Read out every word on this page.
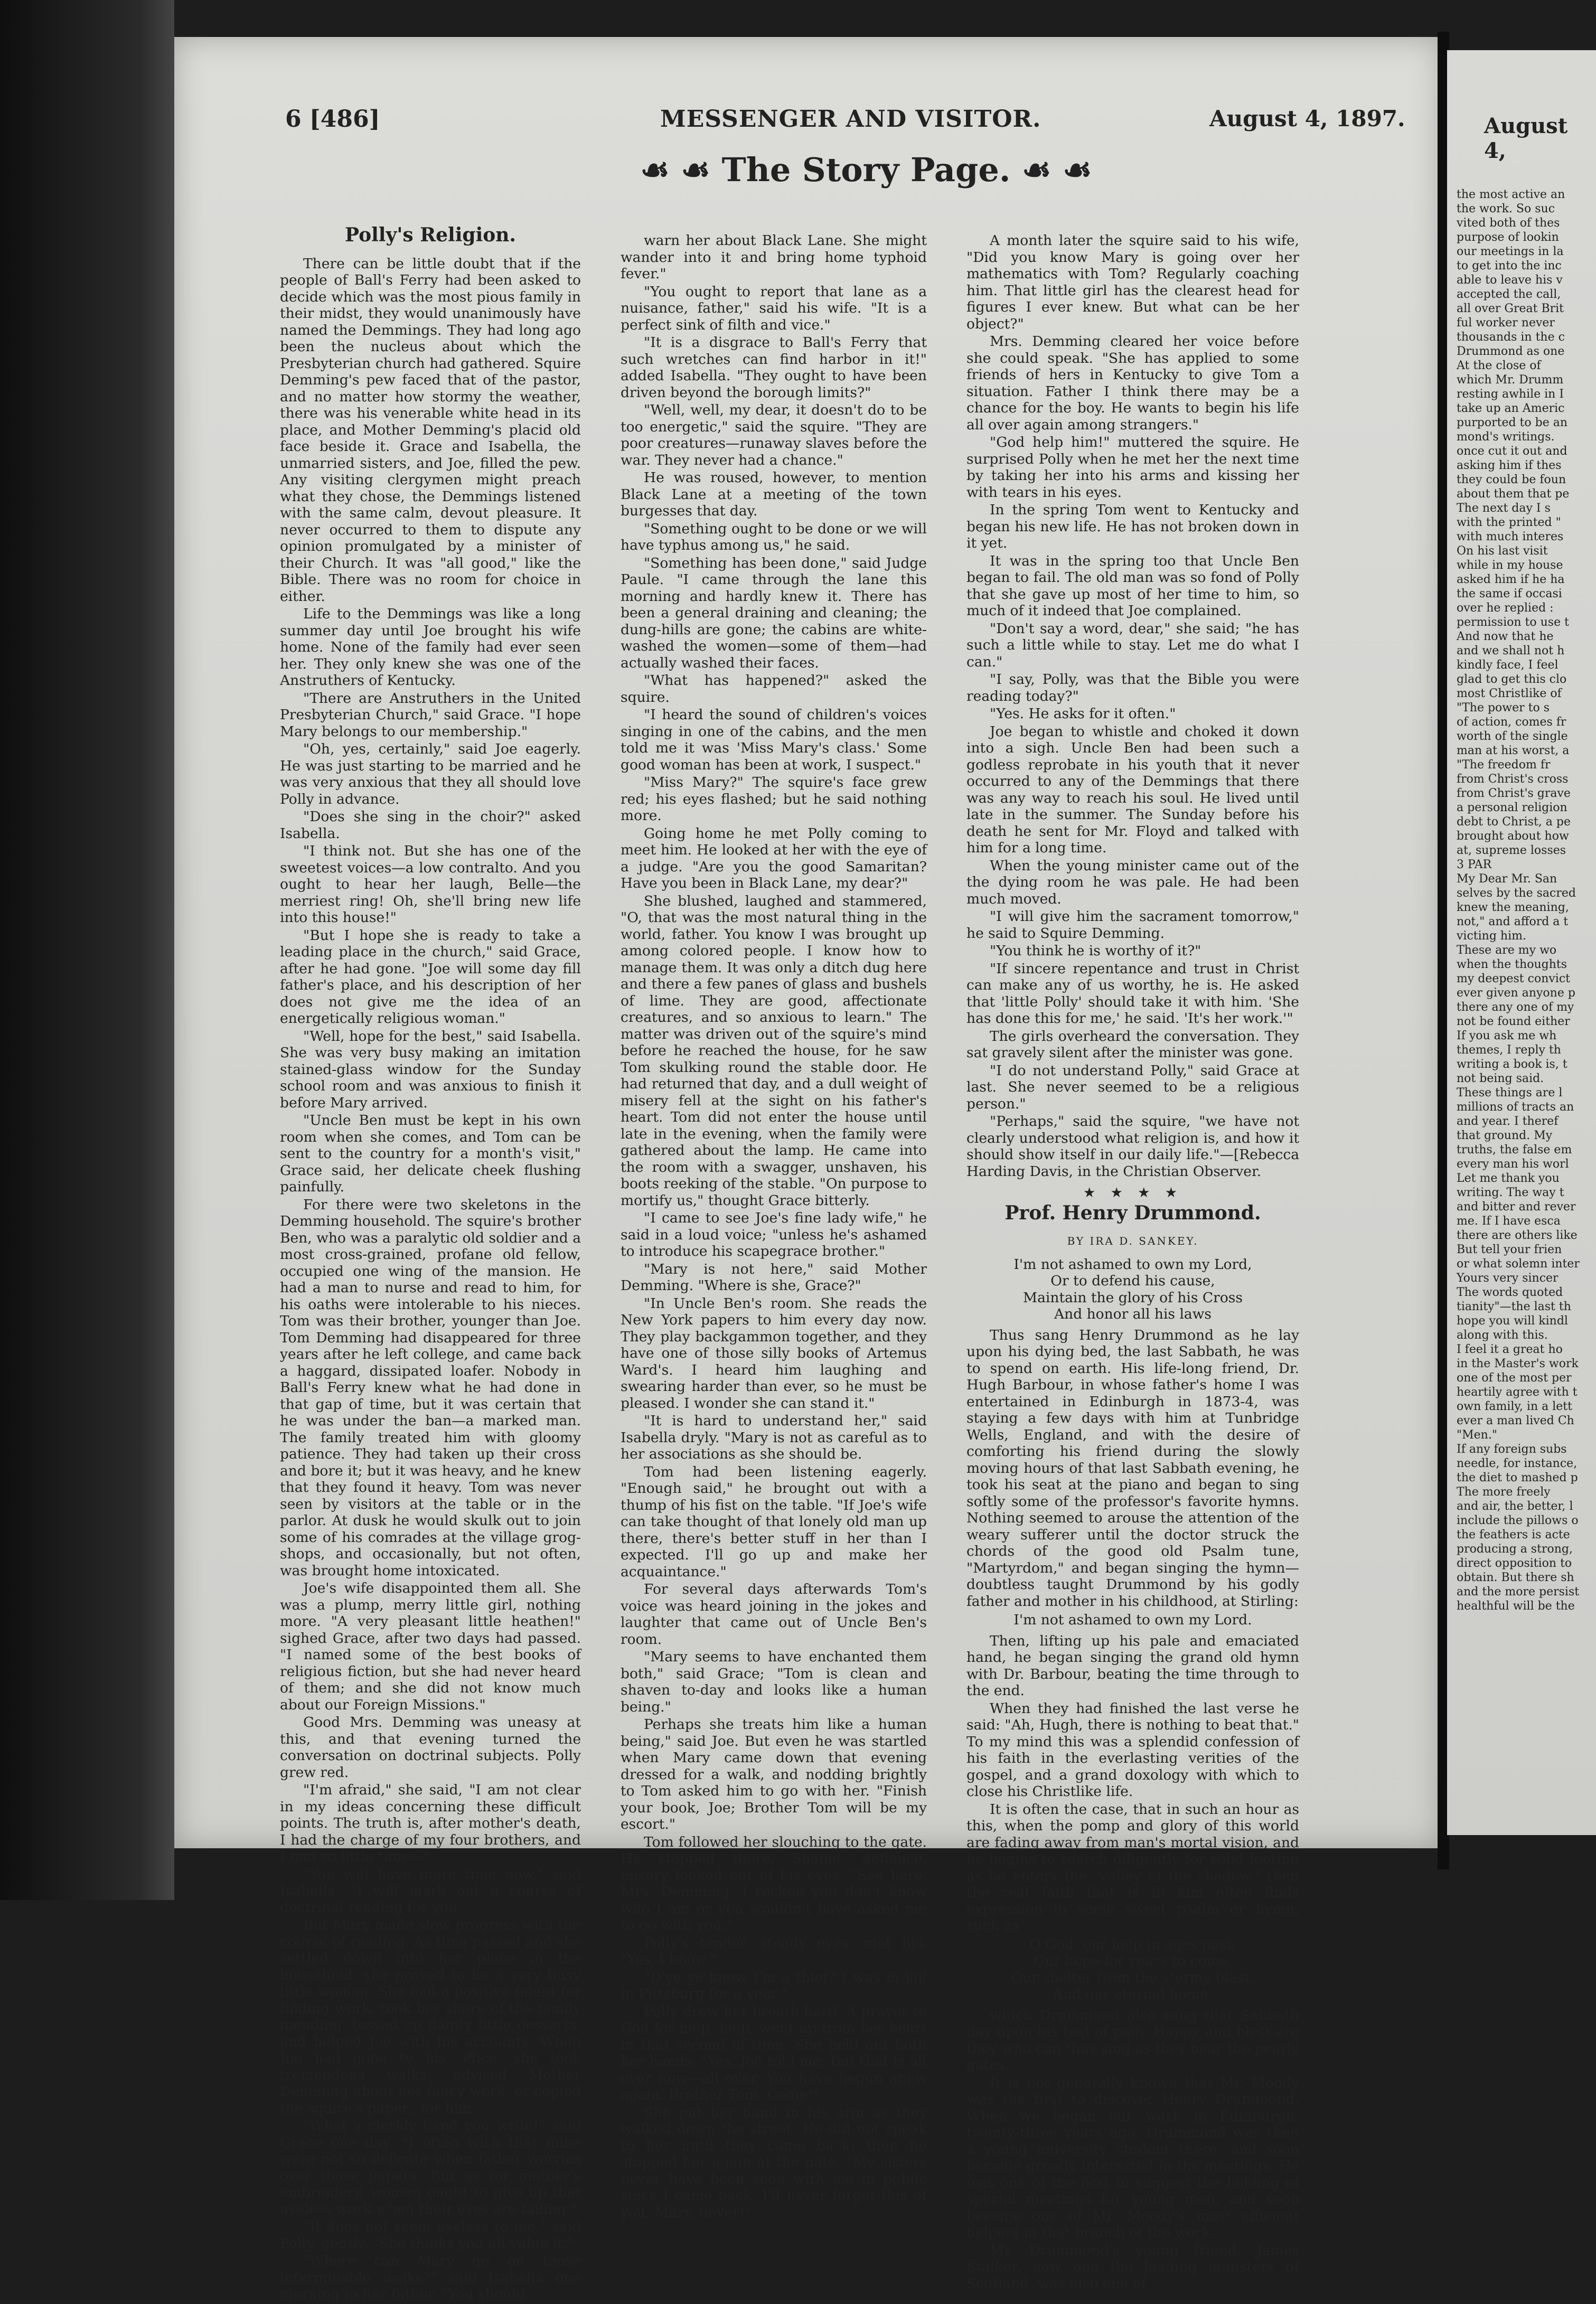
6 [486]	MESSENGER AND VISITOR.	August 4, 1897.
☙ ☙ The Story Page. ☙ ☙
Polly's Religion.

There can be little doubt that if the people of Ball's Ferry had been asked to decide which was the most pious family in their midst, they would unanimously have named the Demmings. They had long ago been the nucleus about which the Presbyterian church had gathered. Squire Demming's pew faced that of the pastor, and no matter how stormy the weather, there was his venerable white head in its place, and Mother Demming's placid old face beside it. Grace and Isabella, the unmarried sisters, and Joe, filled the pew. Any visiting clergymen might preach what they chose, the Demmings listened with the same calm, devout pleasure. It never occurred to them to dispute any opinion promulgated by a minister of their Church. It was "all good," like the Bible. There was no room for choice in either.

Life to the Demmings was like a long summer day until Joe brought his wife home. None of the family had ever seen her. They only knew she was one of the Anstruthers of Kentucky.

"There are Anstruthers in the United Presbyterian Church," said Grace. "I hope Mary belongs to our membership."

"Oh, yes, certainly," said Joe eagerly. He was just starting to be married and he was very anxious that they all should love Polly in advance.

"Does she sing in the choir?" asked Isabella.

"I think not. But she has one of the sweetest voices—a low contralto. And you ought to hear her laugh, Belle—the merriest ring! Oh, she'll bring new life into this house!"

"But I hope she is ready to take a leading place in the church," said Grace, after he had gone. "Joe will some day fill father's place, and his description of her does not give me the idea of an energetically religious woman."

"Well, hope for the best," said Isabella. She was very busy making an imitation stained-glass window for the Sunday school room and was anxious to finish it before Mary arrived.

"Uncle Ben must be kept in his own room when she comes, and Tom can be sent to the country for a month's visit," Grace said, her delicate cheek flushing painfully.

For there were two skeletons in the Demming household. The squire's brother Ben, who was a paralytic old soldier and a most cross-grained, profane old fellow, occupied one wing of the mansion. He had a man to nurse and read to him, for his oaths were intolerable to his nieces. Tom was their brother, younger than Joe. Tom Demming had disappeared for three years after he left college, and came back a haggard, dissipated loafer. Nobody in Ball's Ferry knew what he had done in that gap of time, but it was certain that he was under the ban—a marked man. The family treated him with gloomy patience. They had taken up their cross and bore it; but it was heavy, and he knew that they found it heavy. Tom was never seen by visitors at the table or in the parlor. At dusk he would skulk out to join some of his comrades at the village grog-shops, and occasionally, but not often, was brought home intoxicated.

Joe's wife disappointed them all. She was a plump, merry little girl, nothing more. "A very pleasant little heathen!" sighed Grace, after two days had passed. "I named some of the best books of religious fiction, but she had never heard of them; and she did not know much about our Foreign Missions."

Good Mrs. Demming was uneasy at this, and that evening turned the conversation on doctrinal subjects. Polly grew red.

"I'm afraid," she said, "I am not clear in my ideas concerning these difficult points. The truth is, after mother's death, I had the charge of my four brothers, and I had so little time—"

"You will have more time now," said Isabella. "I will mark out a course of doctrinal reading for you."

But Mary made slow progress with the course of reading. As time passed and she settled down into her place in the household, she proved to be a very busy little woman. She had a positive talent for finding work, took her share of the family mending, tossed up dainty little desserts, and helped Joe with his accounts. When Joe had gone to his office, she took tremendous walks, advised Mother Demming about her fancy work, or copied the squire's papers for him.

"What a clerkly hand you write!" said Grace one day. "I often wish that mine were not so delicate when father worries over those papers. But as for mother's embroidery, women ought to give up that useless work when their eyes are failing."

"It does not seem useless to me," said Polly, gently. "She thinks you all value it."

"Where can Mary go on those interminable walks?" said Isabella one morning to her father. "You should

warn her about Black Lane. She might wander into it and bring home typhoid fever."

"You ought to report that lane as a nuisance, father," said his wife. "It is a perfect sink of filth and vice."

"It is a disgrace to Ball's Ferry that such wretches can find harbor in it!" added Isabella. "They ought to have been driven beyond the borough limits?"

"Well, well, my dear, it doesn't do to be too energetic," said the squire. "They are poor creatures—runaway slaves before the war. They never had a chance."

He was roused, however, to mention Black Lane at a meeting of the town burgesses that day.

"Something ought to be done or we will have typhus among us," he said.

"Something has been done," said Judge Paule. "I came through the lane this morning and hardly knew it. There has been a general draining and cleaning; the dung-hills are gone; the cabins are white-washed the women—some of them—had actually washed their faces.

"What has happened?" asked the squire.

"I heard the sound of children's voices singing in one of the cabins, and the men told me it was 'Miss Mary's class.' Some good woman has been at work, I suspect."

"Miss Mary?" The squire's face grew red; his eyes flashed; but he said nothing more.

Going home he met Polly coming to meet him. He looked at her with the eye of a judge. "Are you the good Samaritan? Have you been in Black Lane, my dear?"

She blushed, laughed and stammered, "O, that was the most natural thing in the world, father. You know I was brought up among colored people. I know how to manage them. It was only a ditch dug here and there a few panes of glass and bushels of lime. They are good, affectionate creatures, and so anxious to learn." The matter was driven out of the squire's mind before he reached the house, for he saw Tom skulking round the stable door. He had returned that day, and a dull weight of misery fell at the sight on his father's heart. Tom did not enter the house until late in the evening, when the family were gathered about the lamp. He came into the room with a swagger, unshaven, his boots reeking of the stable. "On purpose to mortify us," thought Grace bitterly.

"I came to see Joe's fine lady wife," he said in a loud voice; "unless he's ashamed to introduce his scapegrace brother."

"Mary is not here," said Mother Demming. "Where is she, Grace?"

"In Uncle Ben's room. She reads the New York papers to him every day now. They play backgammon together, and they have one of those silly books of Artemus Ward's. I heard him laughing and swearing harder than ever, so he must be pleased. I wonder she can stand it."

"It is hard to understand her," said Isabella dryly. "Mary is not as careful as to her associations as she should be.

Tom had been listening eagerly. "Enough said," he brought out with a thump of his fist on the table. "If Joe's wife can take thought of that lonely old man up there, there's better stuff in her than I expected. I'll go up and make her acquaintance."

For several days afterwards Tom's voice was heard joining in the jokes and laughter that came out of Uncle Ben's room.

"Mary seems to have enchanted them both," said Grace; "Tom is clean and shaven to-day and looks like a human being."

Perhaps she treats him like a human being," said Joe. But even he was startled when Mary came down that evening dressed for a walk, and nodding brightly to Tom asked him to go with her. "Finish your book, Joe; Brother Tom will be my escort."

Tom followed her slouching to the gate. He stopped there. Shame, defiance, misery looked out of his eyes. "See here, Mrs. Demming, I reckon you don't know who I am or you wouldn't have asked me to go with you."

Polly's tender, steady eyes, met his. "Yes, I know."

"D'ye ye know I'm a thief? I was in jail in Pittsburg for a year."

Polly drew her breath hard. A prayer to God for help, help, went up from her heart in that second of time. She held out both her hands. "Yes, Joe told me. But that is all over now—all over. You have begun anew again, Brother Tom, Come!"

She put her hand in his arm as they walked down the street. He did not speak to her until they came back; then he stopped her again at the gate. "My sisters never have been seen with me in public since I came back. I'll never forget this of you, Mary, never!"

A month later the squire said to his wife, "Did you know Mary is going over her mathematics with Tom? Regularly coaching him. That little girl has the clearest head for figures I ever knew. But what can be her object?"

Mrs. Demming cleared her voice before she could speak. "She has applied to some friends of hers in Kentucky to give Tom a situation. Father I think there may be a chance for the boy. He wants to begin his life all over again among strangers."

"God help him!" muttered the squire. He surprised Polly when he met her the next time by taking her into his arms and kissing her with tears in his eyes.

In the spring Tom went to Kentucky and began his new life. He has not broken down in it yet.

It was in the spring too that Uncle Ben began to fail. The old man was so fond of Polly that she gave up most of her time to him, so much of it indeed that Joe complained.

"Don't say a word, dear," she said; "he has such a little while to stay. Let me do what I can."

"I say, Polly, was that the Bible you were reading today?"

"Yes. He asks for it often."

Joe began to whistle and choked it down into a sigh. Uncle Ben had been such a godless reprobate in his youth that it never occurred to any of the Demmings that there was any way to reach his soul. He lived until late in the summer. The Sunday before his death he sent for Mr. Floyd and talked with him for a long time.

When the young minister came out of the the dying room he was pale. He had been much moved.

"I will give him the sacrament tomorrow," he said to Squire Demming.

"You think he is worthy of it?"

"If sincere repentance and trust in Christ can make any of us worthy, he is. He asked that 'little Polly' should take it with him. 'She has done this for me,' he said. 'It's her work.'"

The girls overheard the conversation. They sat gravely silent after the minister was gone.

"I do not understand Polly," said Grace at last. She never seemed to be a religious person."

"Perhaps," said the squire, "we have not clearly understood what religion is, and how it should show itself in our daily life."—[Rebecca Harding Davis, in the Christian Observer.

★ ★ ★ ★
Prof. Henry Drummond.
BY IRA D. SANKEY.
I'm not ashamed to own my Lord,
Or to defend his cause,
Maintain the glory of his Cross
And honor all his laws

Thus sang Henry Drummond as he lay upon his dying bed, the last Sabbath, he was to spend on earth. His life-long friend, Dr. Hugh Barbour, in whose father's home I was entertained in Edinburgh in 1873-4, was staying a few days with him at Tunbridge Wells, England, and with the desire of comforting his friend during the slowly moving hours of that last Sabbath evening, he took his seat at the piano and began to sing softly some of the professor's favorite hymns. Nothing seemed to arouse the attention of the weary sufferer until the doctor struck the chords of the good old Psalm tune, "Martyrdom," and began singing the hymn—doubtless taught Drummond by his godly father and mother in his childhood, at Stirling:

I'm not ashamed to own my Lord.

Then, lifting up his pale and emaciated hand, he began singing the grand old hymn with Dr. Barbour, beating the time through to the end.

When they had finished the last verse he said: "Ah, Hugh, there is nothing to beat that." To my mind this was a splendid confession of his faith in the everlasting verities of the gospel, and a grand doxology with which to close his Christlike life.

It is often the case, that in such an hour as this, when the pomp and glory of this world are fading away from man's mortal vision, and he begins to search diligently for solid footing as he enters the "valley of the shadow," then the real faith that is in him often finds expression in some sweet psalm or hymn, such as

O God, our help in ages past,
Our hope for years to come,
Our shelter from the stormy blast,
And our eternal home,

which Drummond also sang that Sabbath day upon his bed of pain. Happy and blest are they who can thus sing as they near the pearly gates.

It is not generally known that Mr. Moody was the first to discover Henry Drummond. When we began our work in Edinburgh, twenty-three years ago, Drummond was then a young university student there, and soon became greatly interested in the meetings. He was one of the first to suggest the holding of special meetings for young men, and soon became one of Mr. Moody's most efficient helpers in that branch of the work.

Mr. Drummond's young friend, James Stalker, now one the leading ministers of Scotland, was also one of

August 4,
the most active an
the work. So suc
vited both of thes
purpose of lookin
our meetings in la
to get into the inc
able to leave his v
accepted the call,
all over Great Brit
ful worker never
thousands in the c
Drummond as one
At the close of
which Mr. Drumm
resting awhile in I
take up an Americ
purported to be an
mond's writings.
once cut it out and
asking him if thes
they could be foun
about them that pe
The next day I s
with the printed "
with much interes
On his last visit
while in my house
asked him if he ha
the same if occasi
over he replied :
permission to use t
And now that he
and we shall not h
kindly face, I feel
glad to get this clo
most Christlike of
"The power to s
of action, comes fr
worth of the single
man at his worst, a
"The freedom fr
from Christ's cross
from Christ's grave
a personal religion
debt to Christ, a pe
brought about how
at, supreme losses
3 PAR
My Dear Mr. San
selves by the sacred
knew the meaning,
not," and afford a t
victing him.
These are my wo
when the thoughts
my deepest convict
ever given anyone p
there any one of my
not be found either
If you ask me wh
themes, I reply th
writing a book is, t
not being said.
These things are l
millions of tracts an
and year. I theref
that ground. My
truths, the false em
every man his worl
Let me thank you
writing. The way t
and bitter and rever
me. If I have esca
there are others like
But tell your frien
or what solemn inter
Yours very sincer
The words quoted
tianity"—the last th
hope you will kindl
along with this.
I feel it a great ho
in the Master's work
one of the most per
heartily agree with t
own family, in a lett
ever a man lived Ch
"Men."
If any foreign subs
needle, for instance,
the diet to mashed p
The more freely
and air, the better, l
include the pillows o
the feathers is acte
producing a strong,
direct opposition to
obtain. But there sh
and the more persist
healthful will be the
